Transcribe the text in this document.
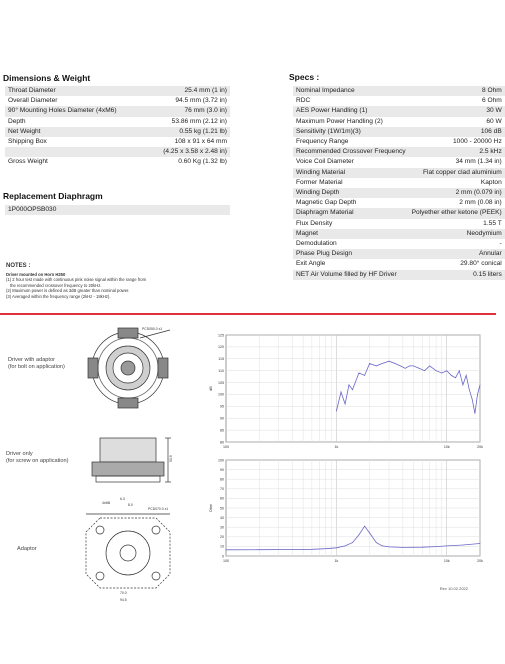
Dimensions & Weight
Throat Diameter	25.4 mm (1 in)
Overall Diameter	94.5 mm (3.72 in)
90° Mounting Holes Diameter (4xM6)	76 mm (3.0 in)
Depth	53.86 mm (2.12 in)
Net Weight	0.55 kg (1.21 lb)
Shipping Box	108 x 91 x 64 mm
	(4.25 x 3.58 x 2.48 in)
Gross Weight	0.60 Kg (1.32 lb)
Replacement Diaphragm
1P000OPSB030	
NOTES :
Driver mounted on Horn H250
(1) 2 hour test made with continuous pink noise signal within the range from
the recommended crossover frequency to 20kHz.
(2) Maximum power is defined as 3dB greater than nominal power.
(3) Averaged within the frequency range (2kHz - 18kHz).
Specs :
Nominal Impedance	8 Ohm
RDC	6 Ohm
AES Power Handling (1)	30 W
Maximum Power Handling (2)	60 W
Sensitivity (1W/1m)(3)	106 dB
Frequency Range	1000 - 20000 Hz
Recommended Crossover Frequency	2.5 kHz
Voice Coil Diameter	34 mm (1.34 in)
Winding Material	Flat copper clad aluminium
Former Material	Kapton
Winding Depth	2 mm (0.079 in)
Magnetic Gap Depth	2 mm (0.08 in)
Diaphragm Material	Polyether ether ketone (PEEK)
Flux Density	1.55 T
Magnet	Neodymium
Demodulation	-
Phase Plug Design	Annular
Exit Angle	29.80° conical
NET Air Volume filled by HF Driver	0.15 liters
Driver with adaptor
(for bolt on application)
Driver only
(for screw on application)
Adaptor
PCD050.0 x1
53.9
4xM6
6.3
8.0
PCD070.0 x1
70.0
94.5
80
85
90
95
100
105
110
115
120
125
100	1k	10k	20k
dB
0
10
20
30
40
50
60
70
80
90
100
100	1k	10k	20k
Ohm
Rev 10.02.2022
